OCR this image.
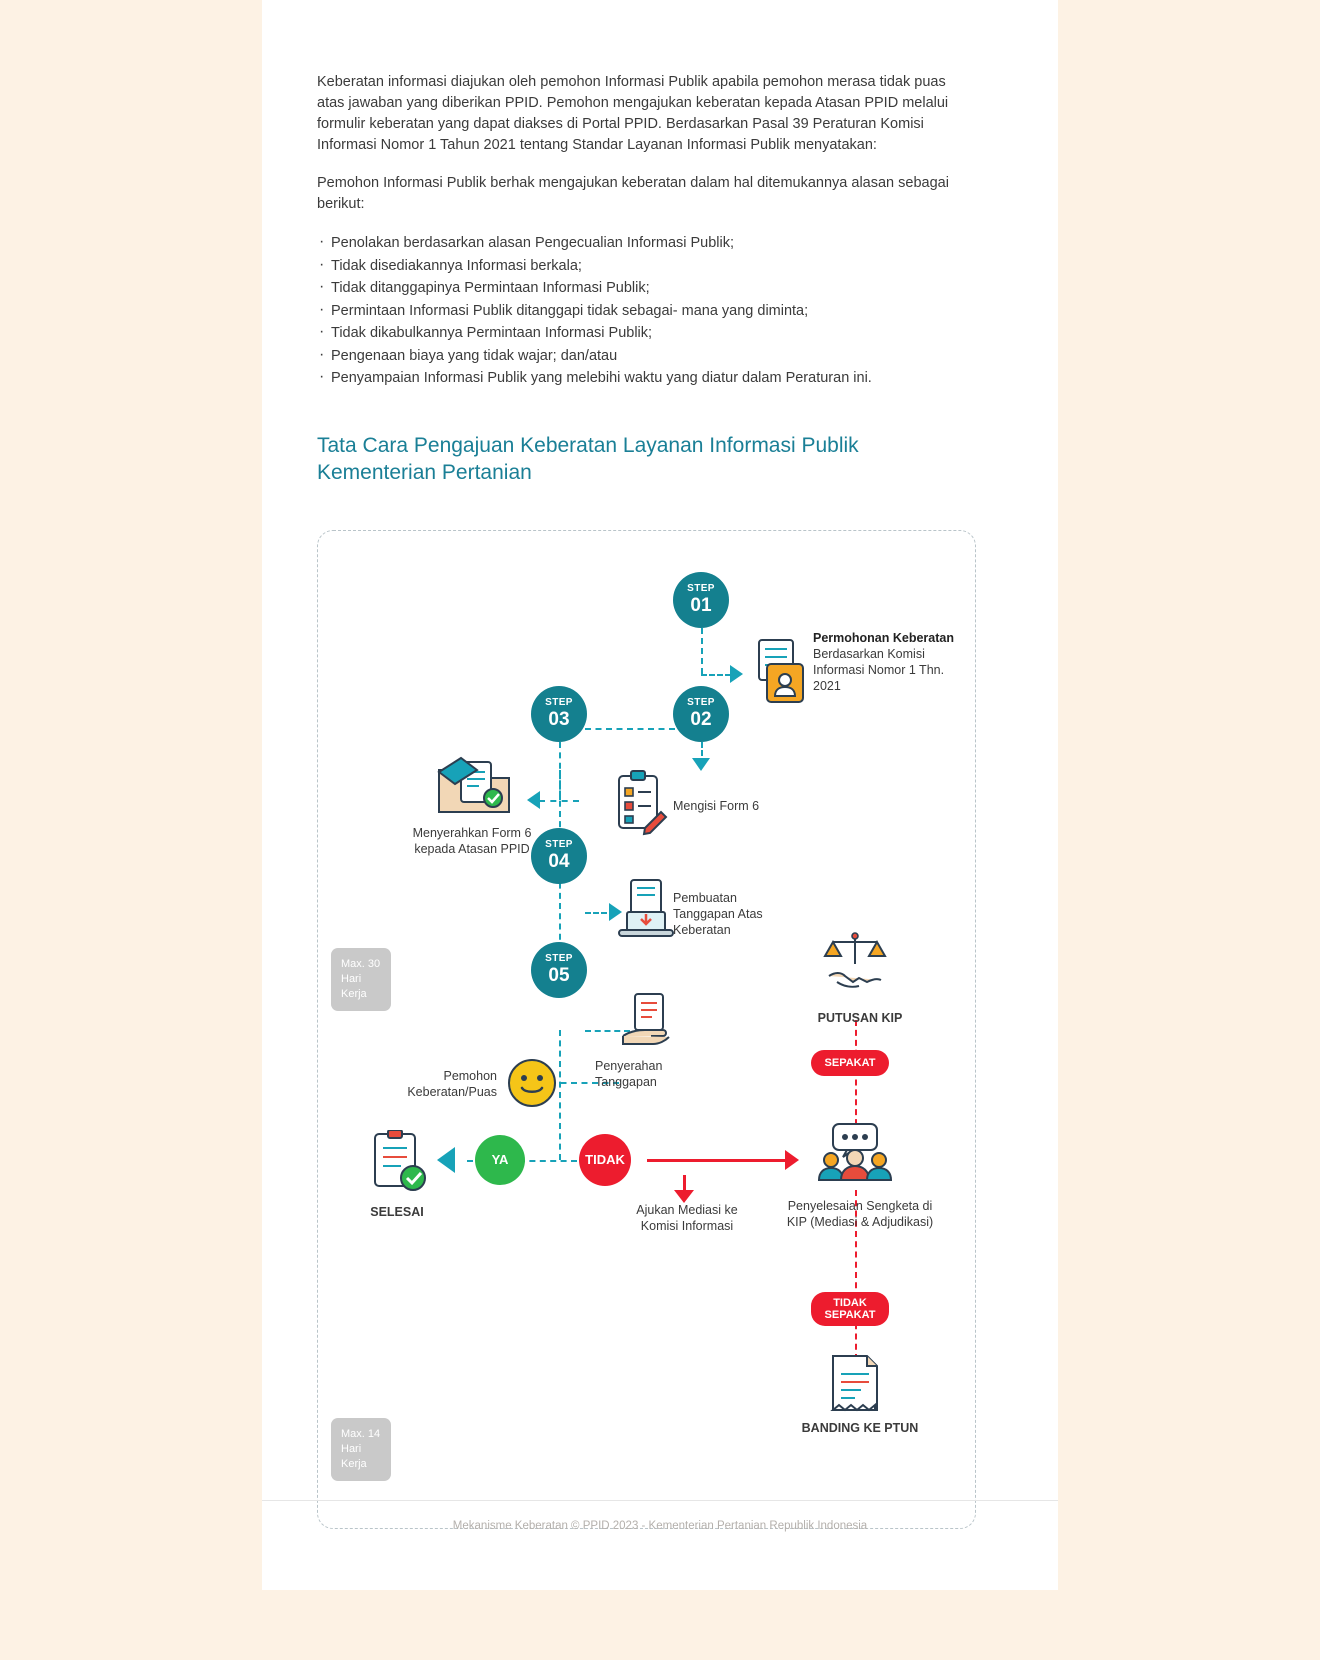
Keberatan informasi diajukan oleh pemohon Informasi Publik apabila pemohon merasa tidak puas atas jawaban yang diberikan PPID. Pemohon mengajukan keberatan kepada Atasan PPID melalui formulir keberatan yang dapat diakses di Portal PPID. Berdasarkan Pasal 39 Peraturan Komisi Informasi Nomor 1 Tahun 2021 tentang Standar Layanan Informasi Publik menyatakan:

Pemohon Informasi Publik berhak mengajukan keberatan dalam hal ditemukannya alasan sebagai berikut:

· Penolakan berdasarkan alasan Pengecualian Informasi Publik;
· Tidak disediakannya Informasi berkala;
· Tidak ditanggapinya Permintaan Informasi Publik;
· Permintaan Informasi Publik ditanggapi tidak sebagai- mana yang diminta;
· Tidak dikabulkannya Permintaan Informasi Publik;
· Pengenaan biaya yang tidak wajar; dan/atau
· Penyampaian Informasi Publik yang melebihi waktu yang diatur dalam Peraturan ini.
Tata Cara Pengajuan Keberatan Layanan Informasi Publik Kementerian Pertanian
STEP
01
STEP
02
STEP
03
STEP
04
STEP
05
Permohonan Keberatan
Berdasarkan Komisi Informasi Nomor 1 Thn. 2021
Mengisi Form 6
Menyerahkan Form 6 kepada Atasan PPID
Pembuatan Tanggapan Atas Keberatan
Penyerahan Tanggapan
Pemohon Keberatan/Puas
SELESAI	Ajukan Mediasi ke Komisi Informasi
Penyelesaian Sengketa di KIP (Mediasi & Adjudikasi)
PUTUSAN KIP
BANDING KE PTUN
YA	TIDAK
SEPAKAT
TIDAK SEPAKAT
Max. 30 Hari Kerja
Max. 14 Hari Kerja
Mekanisme Keberatan © PPID 2023 - Kementerian Pertanian Republik Indonesia
